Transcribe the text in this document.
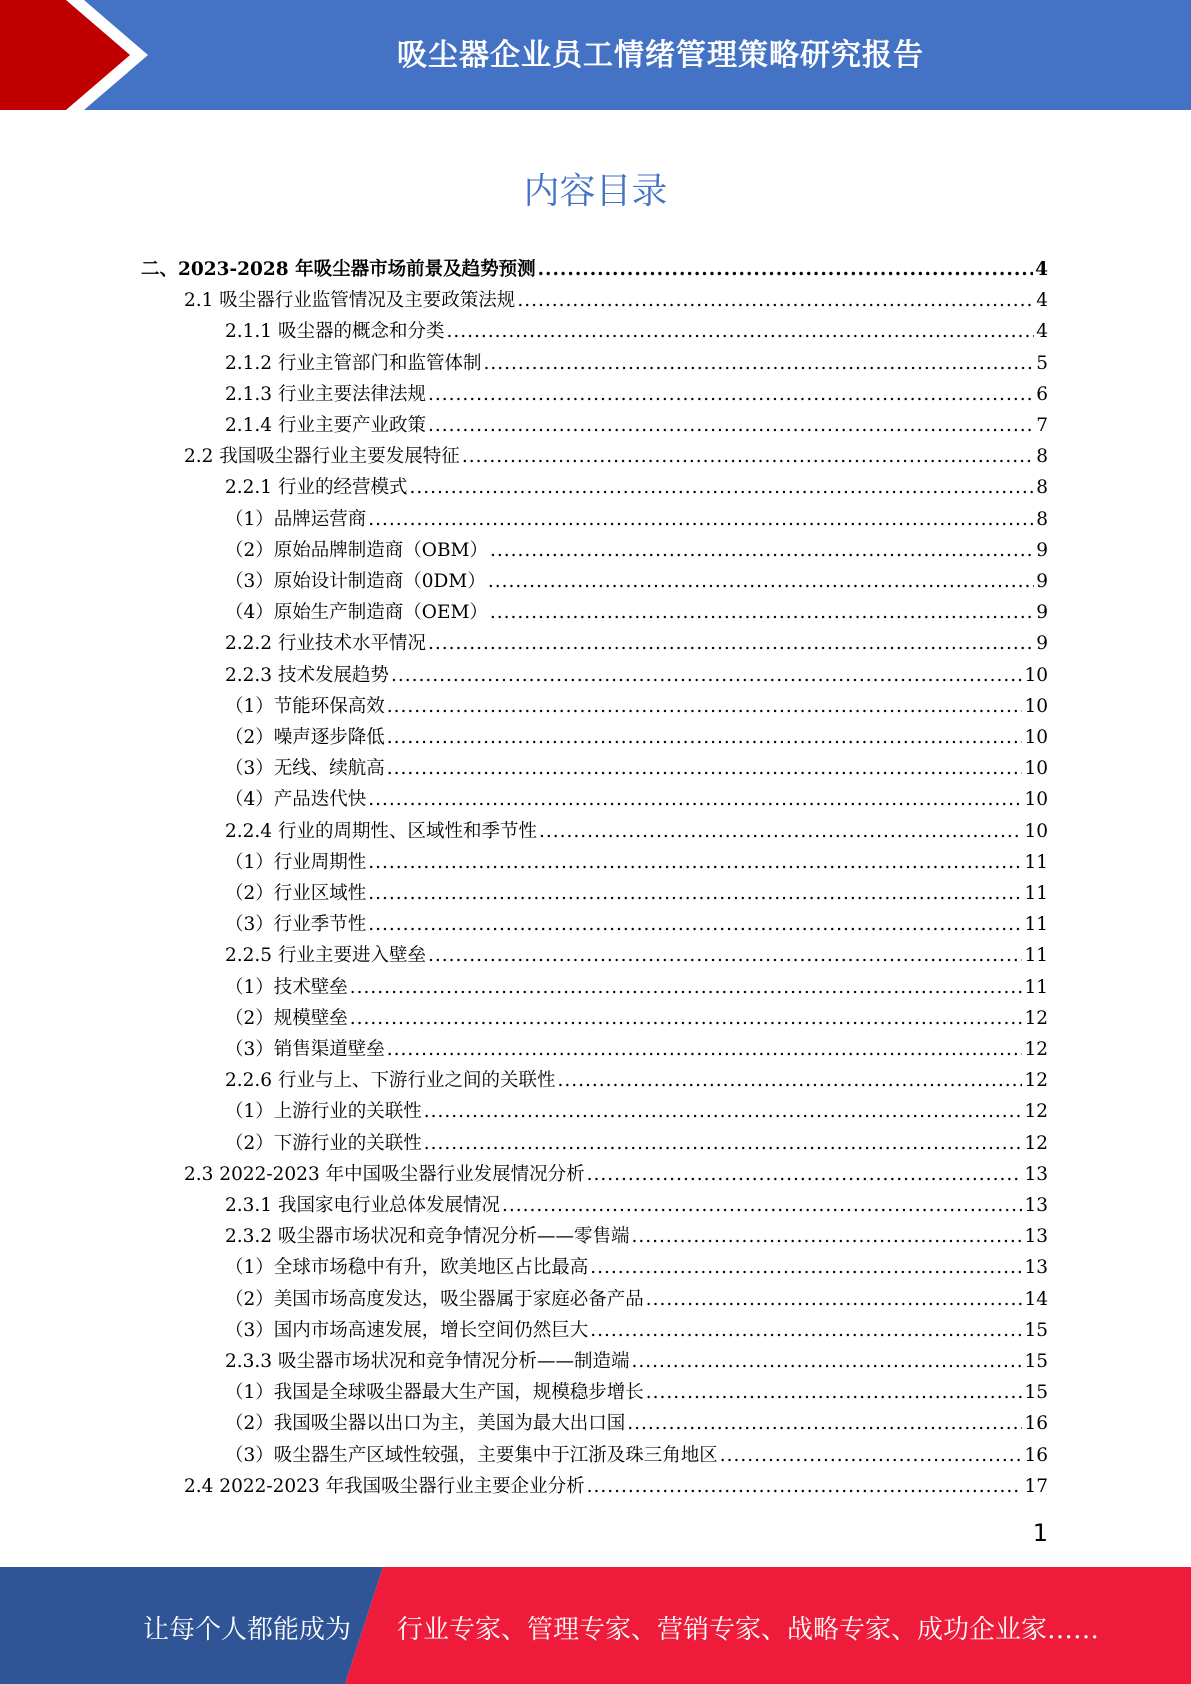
吸尘器企业员工情绪管理策略研究报告
内容目录
二、2023-2028 年吸尘器市场前景及趋势预测 .....	4
2.1 吸尘器行业监管情况及主要政策法规 .....	4
2.1.1 吸尘器的概念和分类 .....	4
2.1.2 行业主管部门和监管体制 .....	5
2.1.3 行业主要法律法规 .....	6
2.1.4 行业主要产业政策 .....	7
2.2 我国吸尘器行业主要发展特征 .....	8
2.2.1 行业的经营模式 .....	8
（1）品牌运营商 .....	8
（2）原始品牌制造商（OBM） .....	9
（3）原始设计制造商（0DM） .....	9
（4）原始生产制造商（OEM） .....	9
2.2.2 行业技术水平情况 .....	9
2.2.3 技术发展趋势 .....	10
（1）节能环保高效 .....	10
（2）噪声逐步降低 .....	10
（3）无线、续航高 .....	10
（4）产品迭代快 .....	10
2.2.4 行业的周期性、区域性和季节性 .....	10
（1）行业周期性 .....	11
（2）行业区域性 .....	11
（3）行业季节性 .....	11
2.2.5 行业主要进入壁垒 .....	11
（1）技术壁垒 .....	11
（2）规模壁垒 .....	12
（3）销售渠道壁垒 .....	12
2.2.6 行业与上、下游行业之间的关联性 .....	12
（1）上游行业的关联性 .....	12
（2）下游行业的关联性 .....	12
2.3 2022-2023 年中国吸尘器行业发展情况分析 .....	13
2.3.1 我国家电行业总体发展情况 .....	13
2.3.2 吸尘器市场状况和竞争情况分析——零售端 .....	13
（1）全球市场稳中有升，欧美地区占比最高 .....	13
（2）美国市场高度发达，吸尘器属于家庭必备产品 .....	14
（3）国内市场高速发展，增长空间仍然巨大 .....	15
2.3.3 吸尘器市场状况和竞争情况分析——制造端 .....	15
（1）我国是全球吸尘器最大生产国，规模稳步增长 .....	15
（2）我国吸尘器以出口为主，美国为最大出口国 .....	16
（3）吸尘器生产区域性较强，主要集中于江浙及珠三角地区 .....	16
2.4 2022-2023 年我国吸尘器行业主要企业分析 .....	17
1
让每个人都能成为 行业专家、管理专家、营销专家、战略专家、成功企业家……
